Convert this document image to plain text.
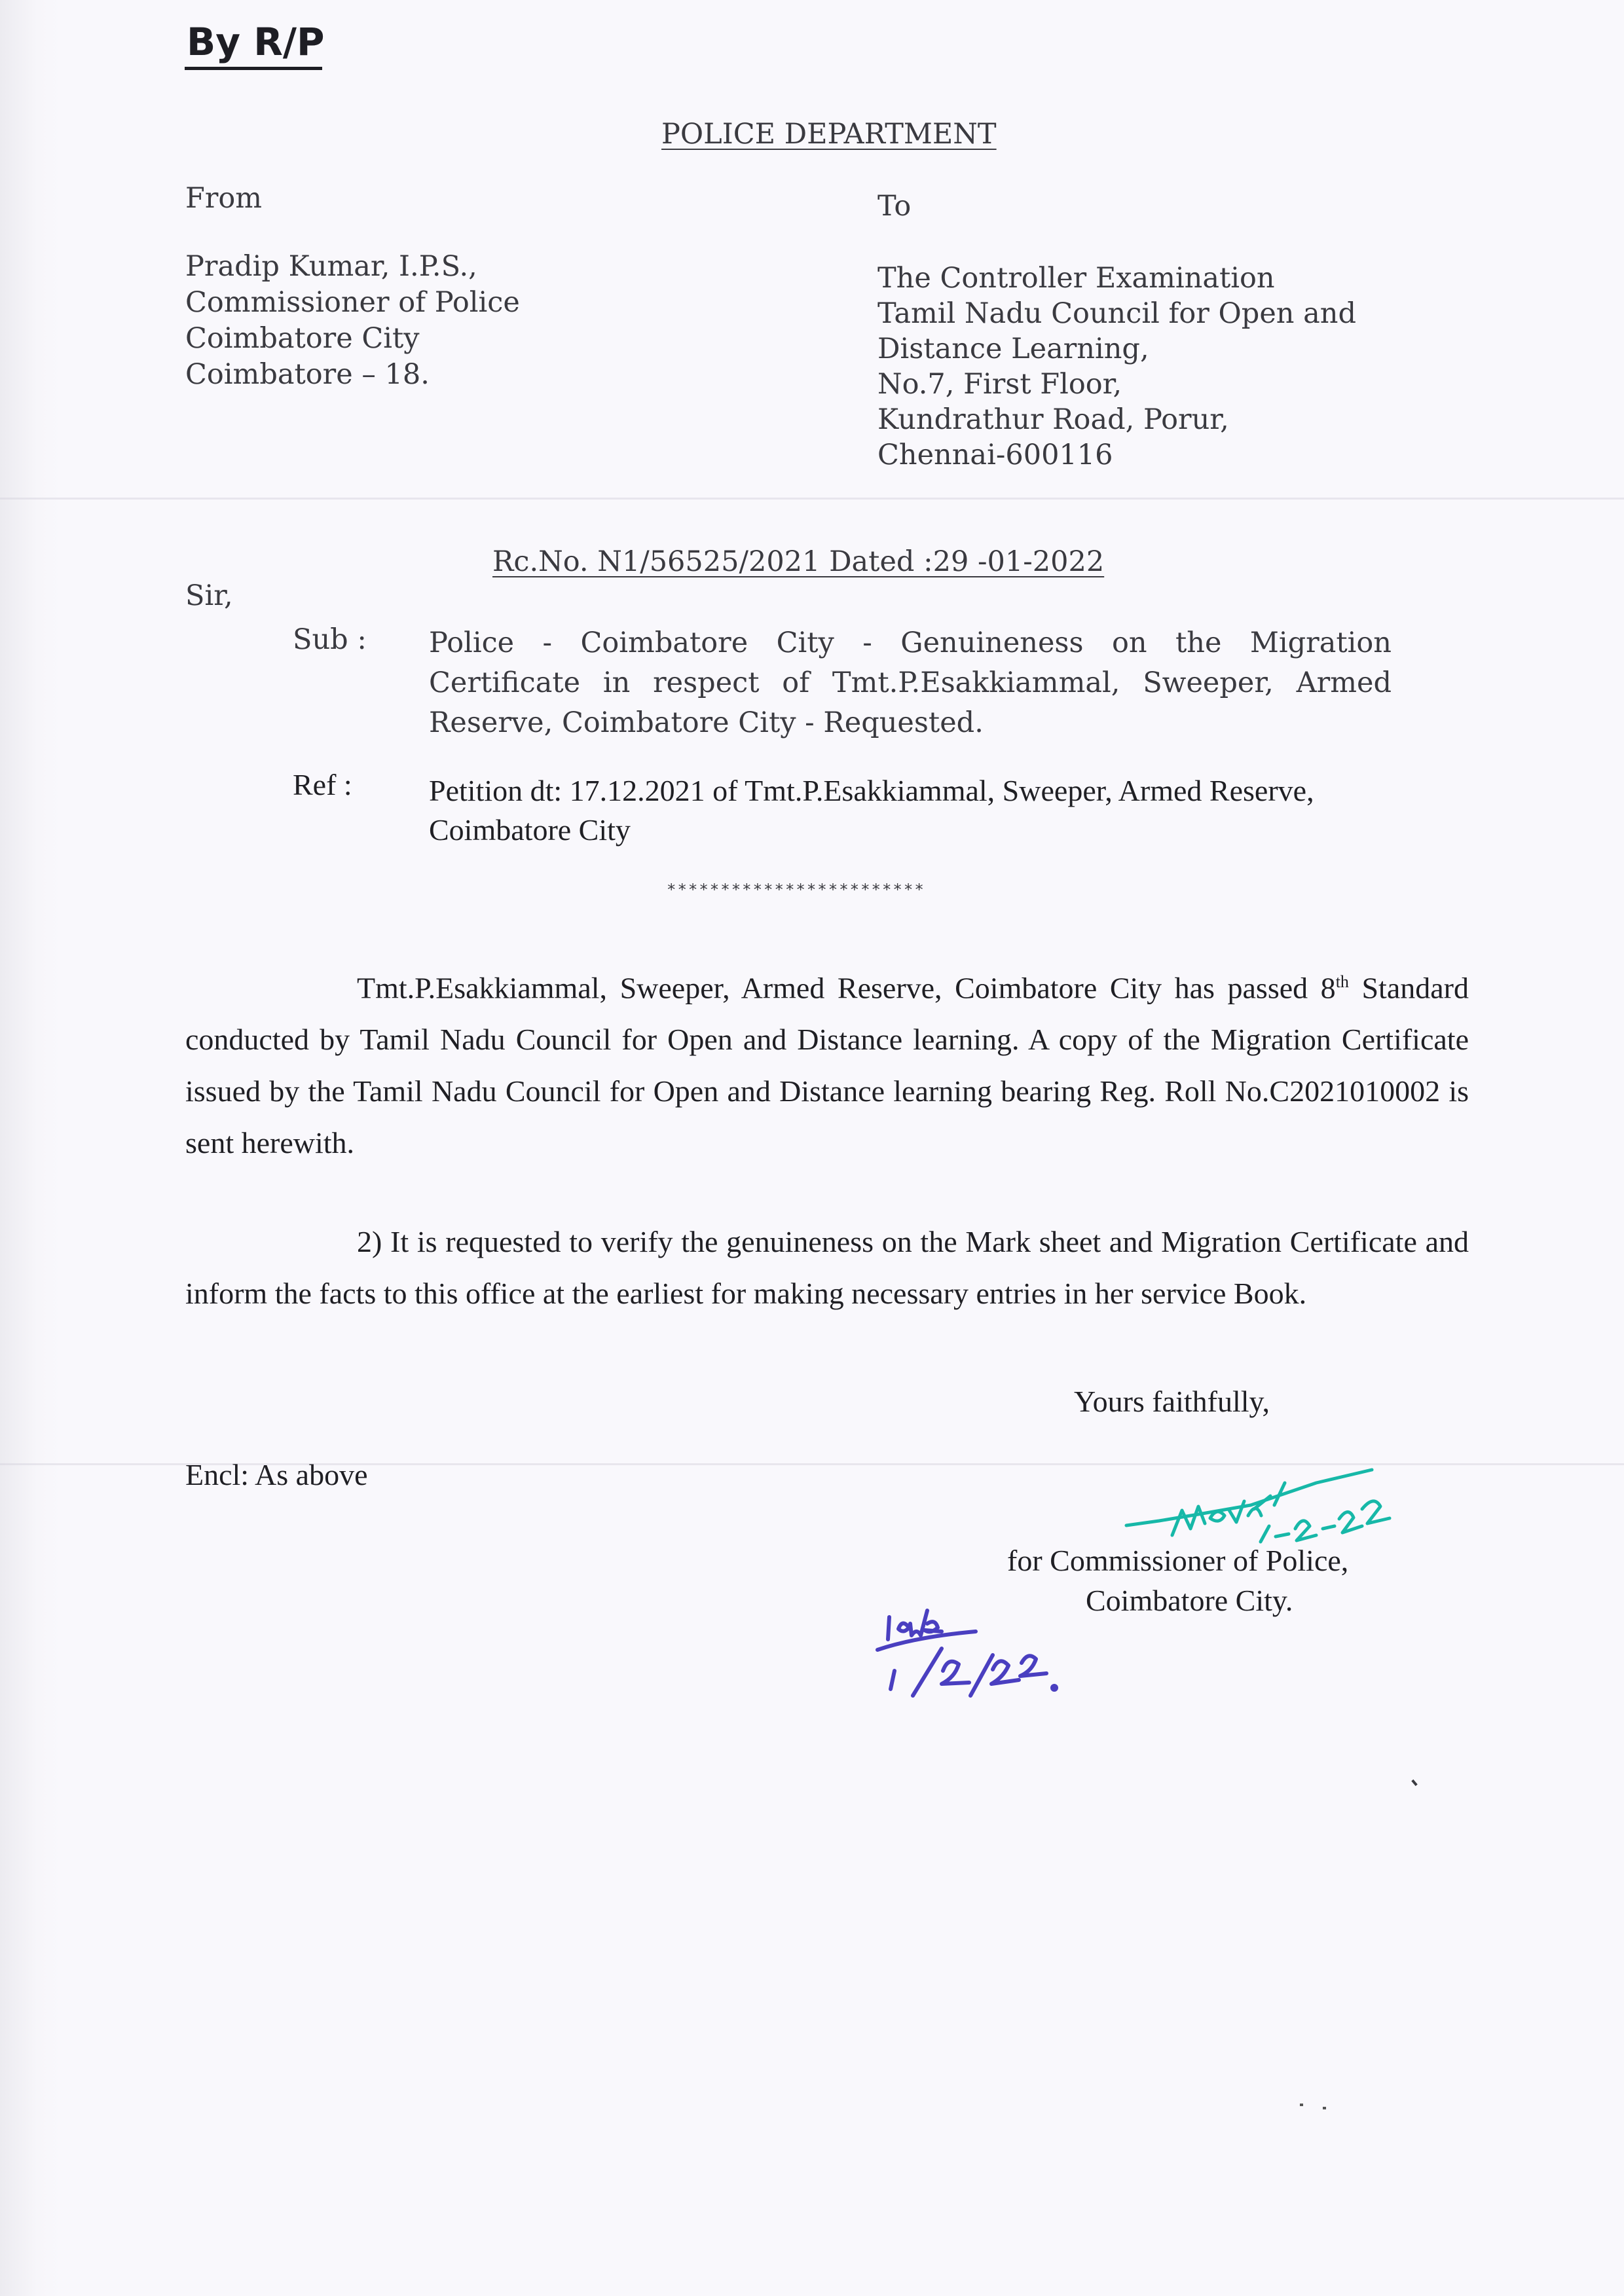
By R/P
POLICE DEPARTMENT
From
Pradip Kumar, I.P.S.,
Commissioner of Police
Coimbatore City
Coimbatore – 18.
To
The Controller Examination
Tamil Nadu Council for Open and
Distance Learning,
No.7, First Floor,
Kundrathur Road, Porur,
Chennai-600116
Rc.No. N1/56525/2021 Dated :29 -01-2022
Sir,
Sub : Police - Coimbatore City - Genuineness on the Migration Certificate in respect of Tmt.P.Esakkiammal, Sweeper, Armed Reserve, Coimbatore City - Requested.
Ref :	Petition dt: 17.12.2021 of Tmt.P.Esakkiammal, Sweeper, Armed Reserve, Coimbatore City
************************

Tmt.P.Esakkiammal, Sweeper, Armed Reserve, Coimbatore City has passed 8th Standard conducted by Tamil Nadu Council for Open and Distance learning. A copy of the Migration Certificate issued by the Tamil Nadu Council for Open and Distance learning bearing Reg. Roll No.C2021010002 is sent herewith.

2) It is requested to verify the genuineness on the Mark sheet and Migration Certificate and inform the facts to this office at the earliest for making necessary entries in her service Book.

Yours faithfully,
Encl: As above
for Commissioner of Police,
Coimbatore City.
